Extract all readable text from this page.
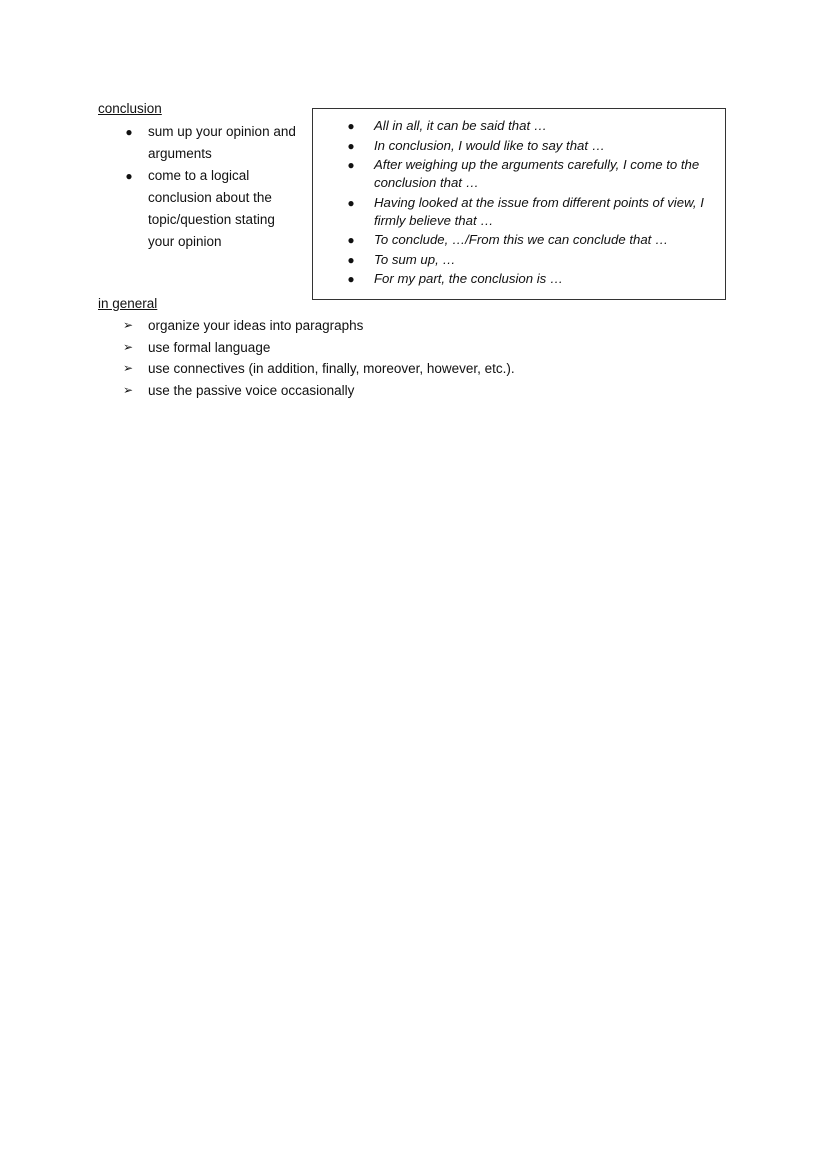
conclusion
● sum up your opinion and arguments
● come to a logical conclusion about the topic/question stating your opinion
● All in all, it can be said that …
● In conclusion, I would like to say that …
● After weighing up the arguments carefully, I come to the conclusion that …
● Having looked at the issue from different points of view, I firmly believe that …
● To conclude, …/From this we can conclude that …
● To sum up, …
● For my part, the conclusion is …
in general
➢ organize your ideas into paragraphs
➢ use formal language
➢ use connectives (in addition, finally, moreover, however, etc.).
➢ use the passive voice occasionally
